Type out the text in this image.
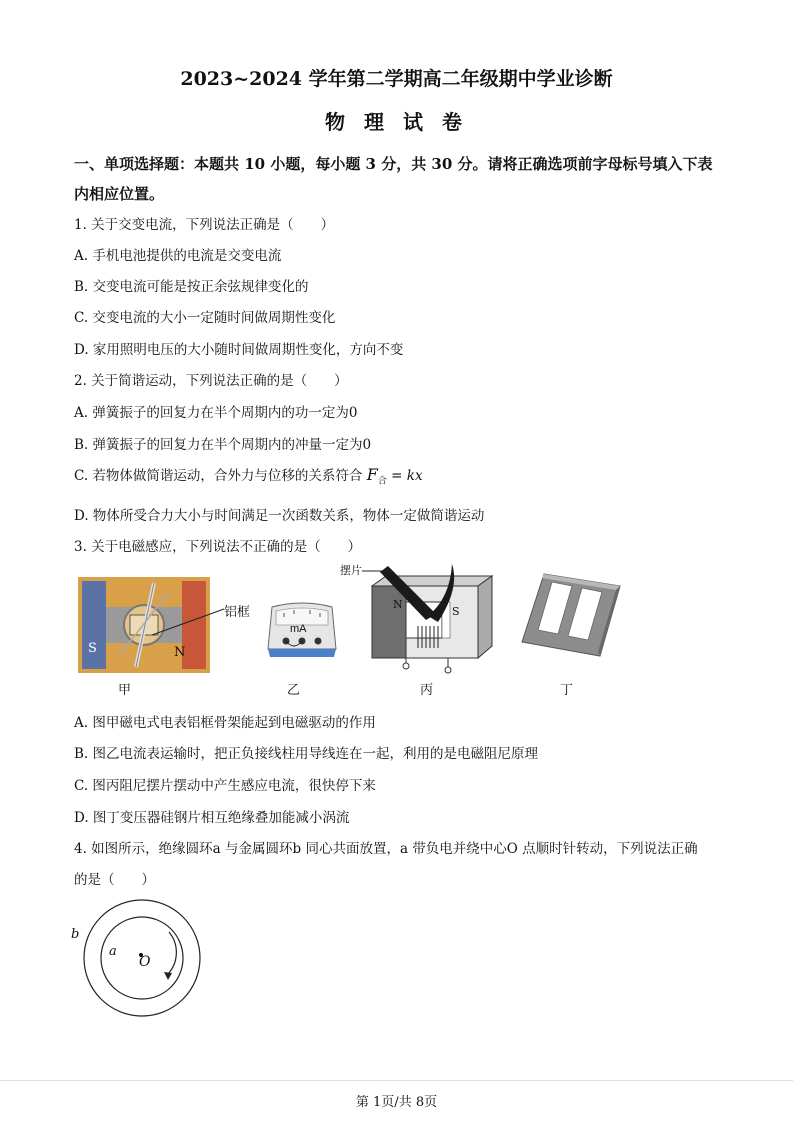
2023~2024 学年第二学期高二年级期中学业诊断
物 理 试 卷
一、单项选择题：本题共 10 小题，每小题 3 分，共 30 分。请将正确选项前字母标号填入下表
内相应位置。
1. 关于交变电流，下列说法正确是（　　）
A. 手机电池提供的电流是交变电流
B. 交变电流可能是按正余弦规律变化的
C. 交变电流的大小一定随时间做周期性变化
D. 家用照明电压的大小随时间做周期性变化，方向不变
2. 关于简谐运动，下列说法正确的是（　　）
A. 弹簧振子的回复力在半个周期内的功一定为0
B. 弹簧振子的回复力在半个周期内的冲量一定为0
C. 若物体做简谐运动，合外力与位移的关系符合 $F_合$ = kx
D. 物体所受合力大小与时间满足一次函数关系，物体一定做简谐运动
3. 关于电磁感应，下列说法不正确的是（　　）
S	N
铝框
mA
摆片
N
S
甲	乙	丙	丁
A. 图甲磁电式电表铝框骨架能起到电磁驱动的作用
B. 图乙电流表运输时，把正负接线柱用导线连在一起，利用的是电磁阻尼原理
C. 图丙阻尼摆片摆动中产生感应电流，很快停下来
D. 图丁变压器硅钢片相互绝缘叠加能减小涡流
4. 如图所示，绝缘圆环a 与金属圆环b 同心共面放置，a 带负电并绕中心O 点顺时针转动，下列说法正确
的是（　　）
b
a
O
第 1页/共 8页
